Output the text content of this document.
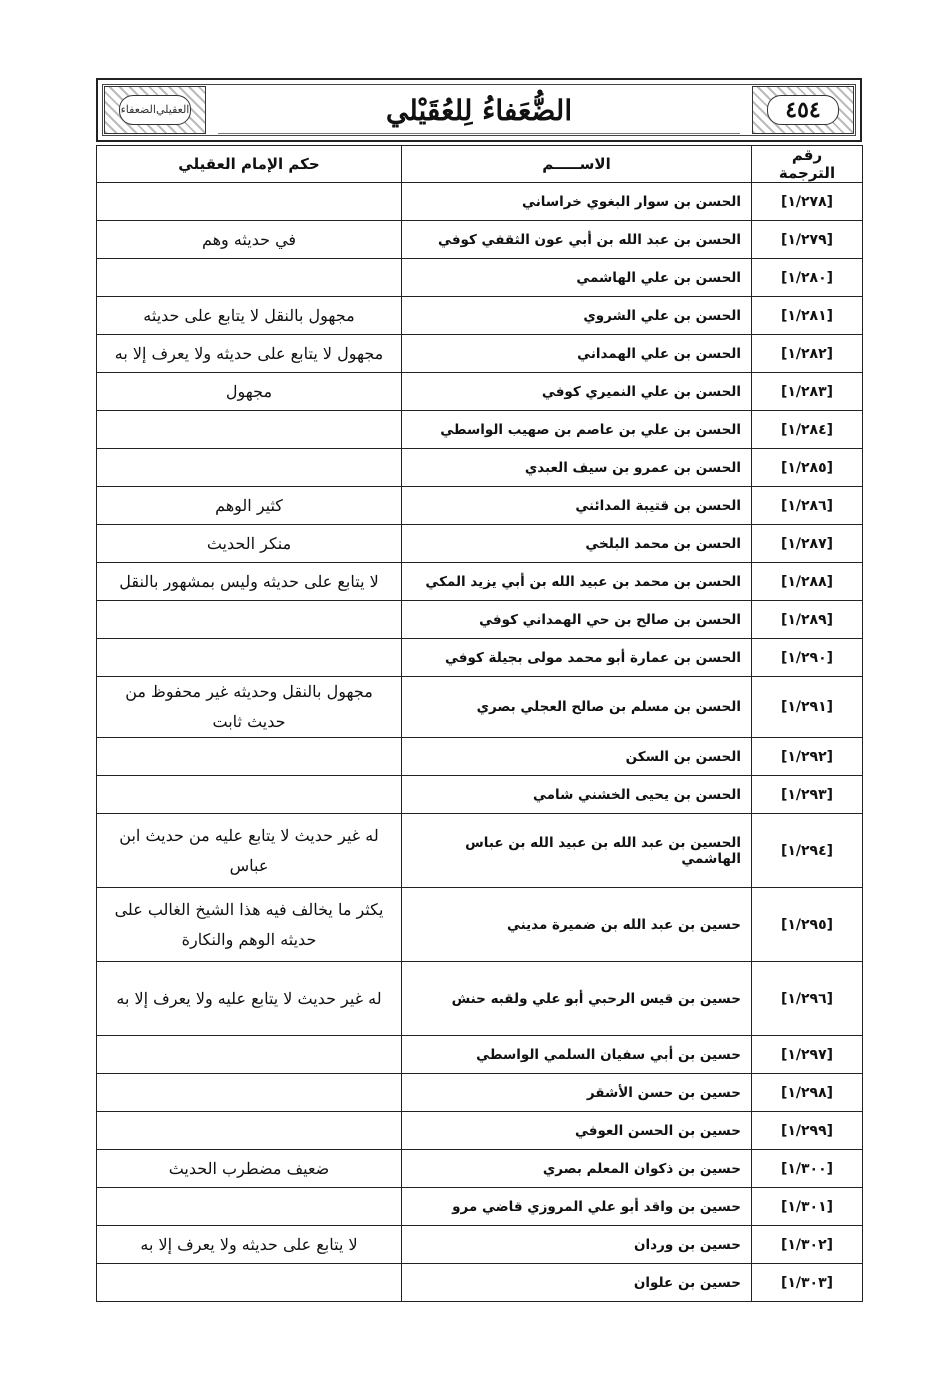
الضعفاء العقيلي	الضُّعَفاءُ لِلعُقَيْلي	٤٥٤
رقم الترجمة	الاســـــم	حكم الإمام العقيلي
[١/٢٧٨]	الحسن بن سوار البغوي خراساني	
[١/٢٧٩]	الحسن بن عبد الله بن أبي عون الثقفي كوفي	في حديثه وهم
[١/٢٨٠]	الحسن بن علي الهاشمي	
[١/٢٨١]	الحسن بن علي الشروي	مجهول بالنقل لا يتابع على حديثه
[١/٢٨٢]	الحسن بن علي الهمداني	مجهول لا يتابع على حديثه ولا يعرف إلا به
[١/٢٨٣]	الحسن بن علي النميري كوفي	مجهول
[١/٢٨٤]	الحسن بن علي بن عاصم بن صهيب الواسطي	
[١/٢٨٥]	الحسن بن عمرو بن سيف العبدي	
[١/٢٨٦]	الحسن بن قتيبة المدائني	كثير الوهم
[١/٢٨٧]	الحسن بن محمد البلخي	منكر الحديث
[١/٢٨٨]	الحسن بن محمد بن عبيد الله بن أبي يزيد المكي	لا يتابع على حديثه وليس بمشهور بالنقل
[١/٢٨٩]	الحسن بن صالح بن حي الهمداني كوفي	
[١/٢٩٠]	الحسن بن عمارة أبو محمد مولى بجيلة كوفي	
[١/٢٩١]	الحسن بن مسلم بن صالح العجلي بصري	مجهول بالنقل وحديثه غير محفوظ من حديث ثابت
[١/٢٩٢]	الحسن بن السكن	
[١/٢٩٣]	الحسن بن يحيى الخشني شامي	
[١/٢٩٤]	الحسين بن عبد الله بن عبيد الله بن عباس الهاشمي	له غير حديث لا يتابع عليه من حديث ابن عباس
[١/٢٩٥]	حسين بن عبد الله بن ضميرة مديني	يكثر ما يخالف فيه هذا الشيخ الغالب على حديثه الوهم والنكارة
[١/٢٩٦]	حسين بن قيس الرحبي أبو علي ولقبه حنش	له غير حديث لا يتابع عليه ولا يعرف إلا به
[١/٢٩٧]	حسين بن أبي سفيان السلمي الواسطي	
[١/٢٩٨]	حسين بن حسن الأشقر	
[١/٢٩٩]	حسين بن الحسن العوفي	
[١/٣٠٠]	حسين بن ذكوان المعلم بصري	ضعيف مضطرب الحديث
[١/٣٠١]	حسين بن واقد أبو علي المروزي قاضي مرو	
[١/٣٠٢]	حسين بن وردان	لا يتابع على حديثه ولا يعرف إلا به
[١/٣٠٣]	حسين بن علوان	
